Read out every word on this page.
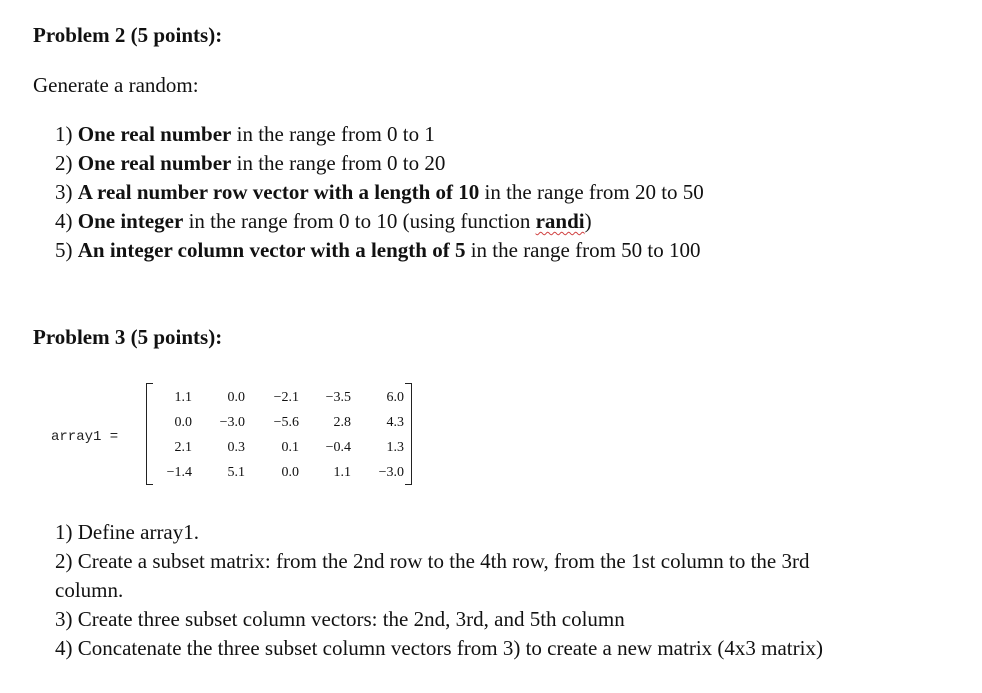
Problem 2 (5 points):
Generate a random:
1) One real number in the range from 0 to 1
2) One real number in the range from 0 to 20
3) A real number row vector with a length of 10 in the range from 20 to 50
4) One integer in the range from 0 to 10 (using function randi)
5) An integer column vector with a length of 5 in the range from 50 to 100
Problem 3 (5 points):
array1 =
1.1	0.0	−2.1	−3.5	6.0
0.0	−3.0	−5.6	2.8	4.3
2.1	0.3	0.1	−0.4	1.3
−1.4	5.1	0.0	1.1	−3.0
1) Define array1.
2) Create a subset matrix: from the 2nd row to the 4th row, from the 1st column to the 3rd
column.
3) Create three subset column vectors: the 2nd, 3rd, and 5th column
4) Concatenate the three subset column vectors from 3) to create a new matrix (4x3 matrix)
